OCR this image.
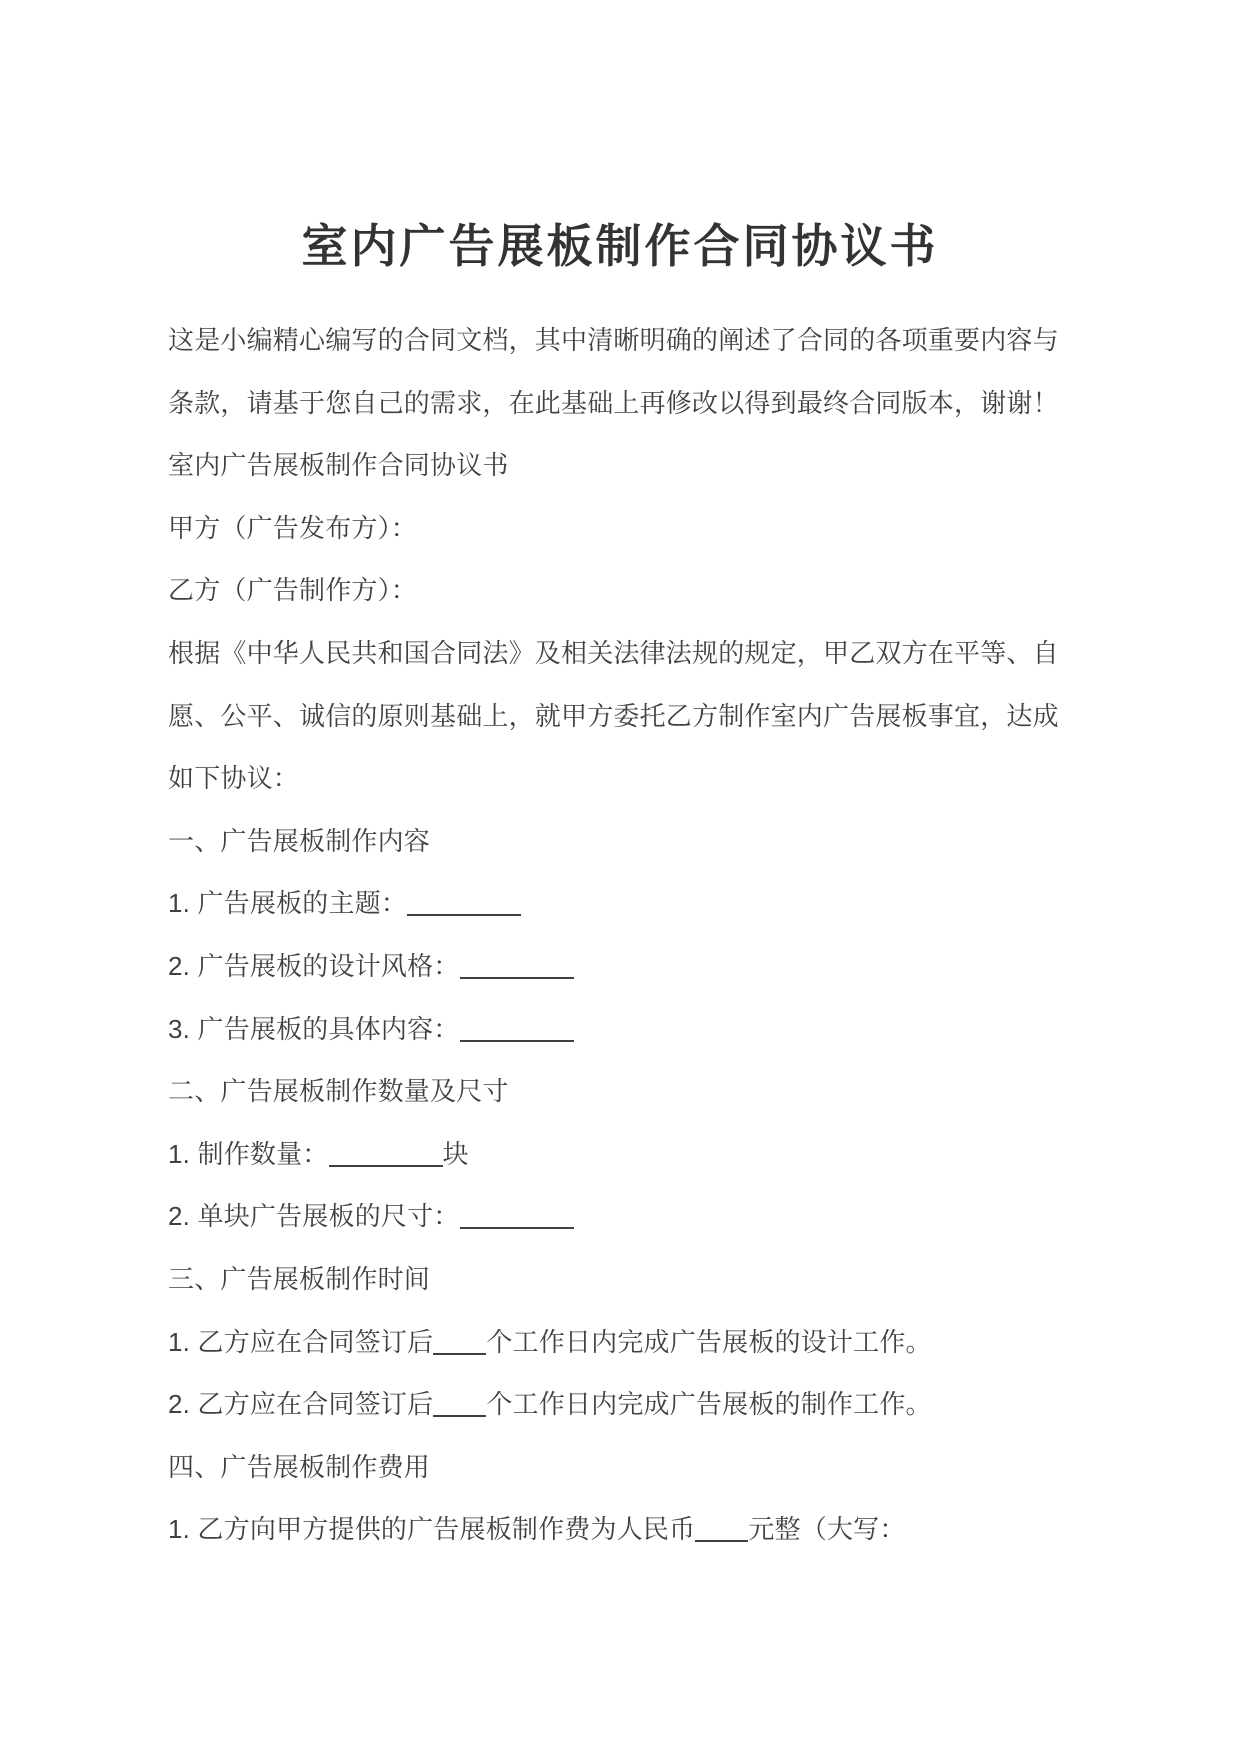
室内广告展板制作合同协议书
这是小编精心编写的合同文档，其中清晰明确的阐述了合同的各项重要内容与
条款，请基于您自己的需求，在此基础上再修改以得到最终合同版本，谢谢！
室内广告展板制作合同协议书
甲方（广告发布方）：
乙方（广告制作方）：
根据《中华人民共和国合同法》及相关法律法规的规定，甲乙双方在平等、自
愿、公平、诚信的原则基础上，就甲方委托乙方制作室内广告展板事宜，达成
如下协议：
一、广告展板制作内容
1. 广告展板的主题：
2. 广告展板的设计风格：
3. 广告展板的具体内容：
二、广告展板制作数量及尺寸
1. 制作数量：	块
2. 单块广告展板的尺寸：
三、广告展板制作时间
1. 乙方应在合同签订后 个工作日内完成广告展板的设计工作。
2. 乙方应在合同签订后 个工作日内完成广告展板的制作工作。
四、广告展板制作费用
1. 乙方向甲方提供的广告展板制作费为人民币 元整（大写：
